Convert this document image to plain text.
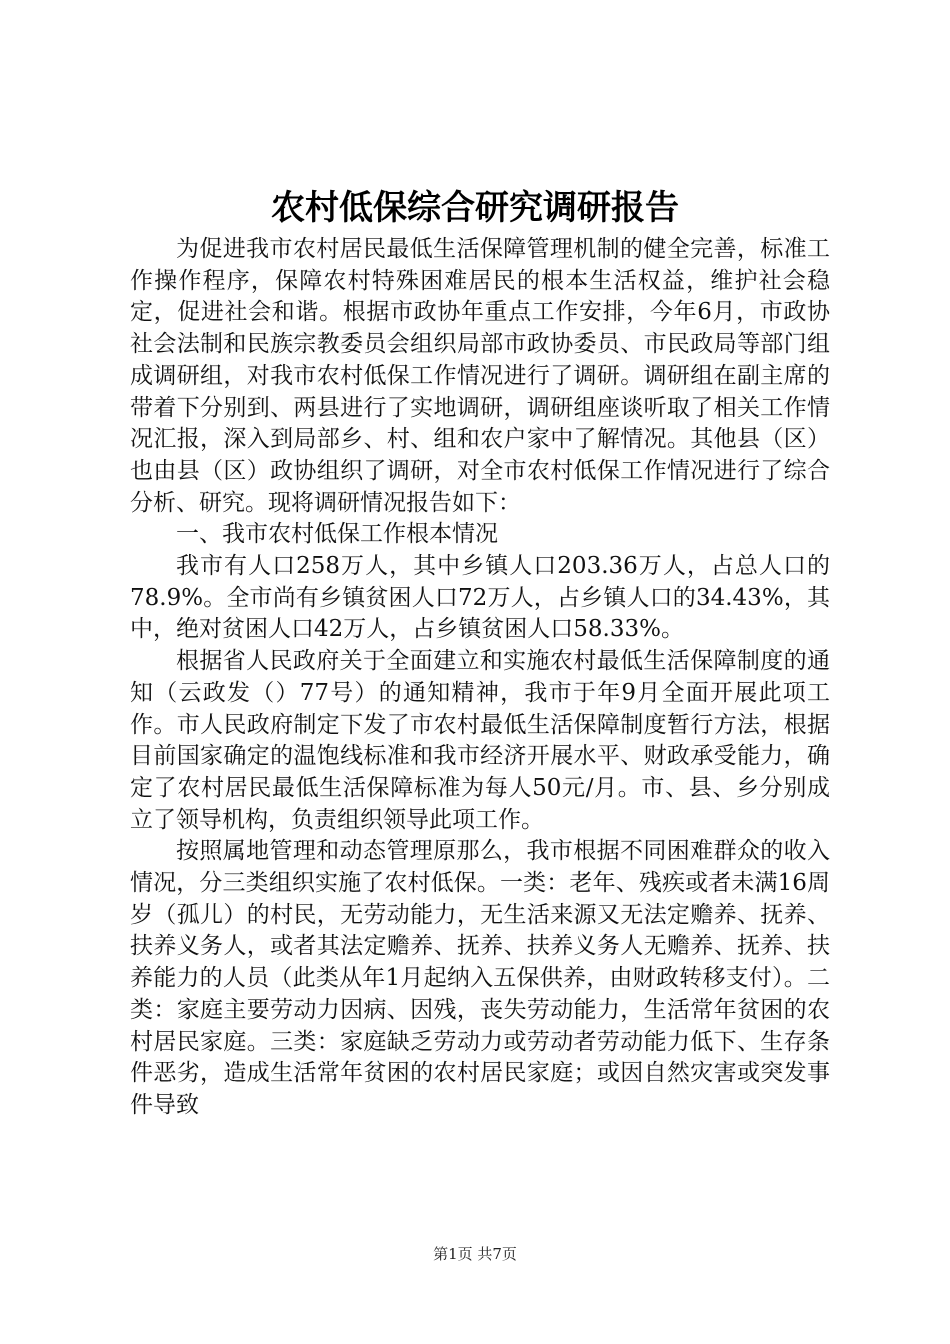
农村低保综合研究调研报告

为促进我市农村居民最低生活保障管理机制的健全完善，标准工作操作程序，保障农村特殊困难居民的根本生活权益，维护社会稳定，促进社会和谐。根据市政协年重点工作安排，今年6月，市政协社会法制和民族宗教委员会组织局部市政协委员、市民政局等部门组成调研组，对我市农村低保工作情况进行了调研。调研组在副主席的带着下分别到、两县进行了实地调研，调研组座谈听取了相关工作情况汇报，深入到局部乡、村、组和农户家中了解情况。其他县（区）也由县（区）政协组织了调研，对全市农村低保工作情况进行了综合分析、研究。现将调研情况报告如下：

一、我市农村低保工作根本情况

我市有人口258万人，其中乡镇人口203.36万人，占总人口的78.9%。全市尚有乡镇贫困人口72万人，占乡镇人口的34.43%，其中，绝对贫困人口42万人，占乡镇贫困人口58.33%。

根据省人民政府关于全面建立和实施农村最低生活保障制度的通知（云政发（）77号）的通知精神，我市于年9月全面开展此项工作。市人民政府制定下发了市农村最低生活保障制度暂行方法，根据目前国家确定的温饱线标准和我市经济开展水平、财政承受能力，确定了农村居民最低生活保障标准为每人50元/月。市、县、乡分别成立了领导机构，负责组织领导此项工作。

按照属地管理和动态管理原那么，我市根据不同困难群众的收入情况，分三类组织实施了农村低保。一类：老年、残疾或者未满16周岁（孤儿）的村民，无劳动能力，无生活来源又无法定赡养、抚养、扶养义务人，或者其法定赡养、抚养、扶养义务人无赡养、抚养、扶养能力的人员（此类从年1月起纳入五保供养，由财政转移支付）。二类：家庭主要劳动力因病、因残，丧失劳动能力，生活常年贫困的农村居民家庭。三类：家庭缺乏劳动力或劳动者劳动能力低下、生存条件恶劣，造成生活常年贫困的农村居民家庭；或因自然灾害或突发事件导致

第1页 共7页
